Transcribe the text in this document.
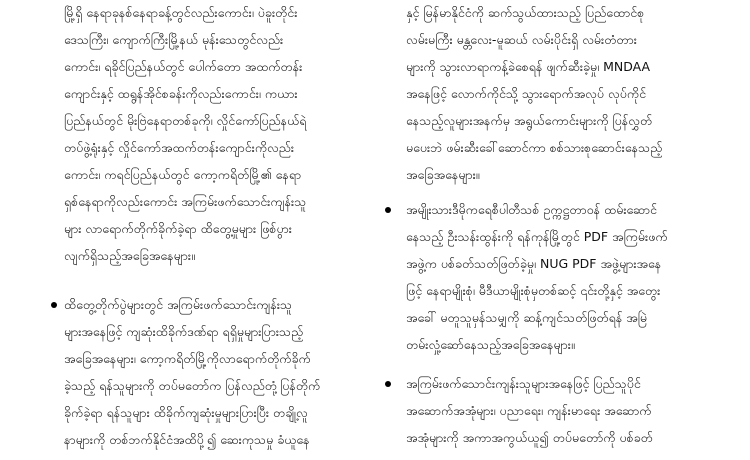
မြို့ရှိ နေရာခုနစ်နေရာခန့်တွင်လည်းကောင်း၊ ပဲခူးတိုင်း
ဒေသကြီး၊ ကျောက်ကြီးမြို့နယ် မုန်းသေတွင်လည်း
ကောင်း၊ ရခိုင်ပြည်နယ်တွင် ပေါက်တော အထက်တန်း
ကျောင်းနှင့် ထရွန်အိုင်စခန်းကိုလည်းကောင်း၊ ကယား
ပြည်နယ်တွင် မိုးဗြဲနေရာတစ်ခုကို၊ လှိုင်ကော်ပြည်နယ်ရဲ
တပ်ဖွဲ့ရုံးနှင့် လှိုင်ကော်အထက်တန်းကျောင်းကိုလည်း
ကောင်း၊ ကရင်ပြည်နယ်တွင် ကော့ကရိတ်မြို့၏ နေရာ
ရှစ်နေရာကိုလည်းကောင်း အကြမ်းဖက်သောင်းကျန်းသူ
များ လာရောက်တိုက်ခိုက်ခဲ့ရာ ထိတွေ့မှုများ ဖြစ်ပွား
လျက်ရှိသည့်အခြေအနေများ။
ထိတွေ့တိုက်ပွဲများတွင် အကြမ်းဖက်သောင်းကျန်းသူ
များအနေဖြင့် ကျဆုံးထိခိုက်ဒဏ်ရာ ရရှိမှုများပြားသည့်
အခြေအနေများ၊ ကော့ကရိတ်မြို့ကိုလာရောက်တိုက်ခိုက်
ခဲ့သည့် ရန်သူများကို တပ်မတော်က ပြန်လည်တုံ့ပြန်တိုက်
ခိုက်ခဲ့ရာ ရန်သူများ ထိခိုက်ကျဆုံးမှုများပြားပြီး တချို့လူ
နာများကို တစ်ဘက်နိုင်ငံအထိပို့၍ ဆေးကုသမှု ခံယူနေ
နှင့် မြန်မာနိုင်ငံကို ဆက်သွယ်ထားသည့် ပြည်ထောင်စု
လမ်းမကြီး မန္တလေး-မူဆယ် လမ်းပိုင်းရှိ လမ်းတံတား
များကို သွားလာရာကန့်ခဲစေရန် ဖျက်ဆီးခဲ့မှု၊ MNDAA
အနေဖြင့် လောက်ကိုင်သို့ သွားရောက်အလုပ် လုပ်ကိုင်
နေသည့်လူများအနက်မှ အရွယ်ကောင်းများကို ပြန်လွှတ်
မပေးဘဲ ဖမ်းဆီးခေါ်ဆောင်ကာ စစ်သားစုဆောင်းနေသည့်
အခြေအနေများ။
အမျိုးသားဒီမိုကရေစီပါတီသစ် ဥက္ကဋ္ဌတာဝန် ထမ်းဆောင်
နေသည့် ဦးသန်းထွန်းကို ရန်ကုန်မြို့တွင် PDF အကြမ်းဖက်
အဖွဲ့က ပစ်ခတ်သတ်ဖြတ်ခဲ့မှု၊ NUG PDF အဖွဲ့များအနေ
ဖြင့် နေရာမျိုးစုံ၊ မီဒီယာမျိုးစုံမှတစ်ဆင့် ၎င်းတို့နှင့် အတွေး
အခေါ် မတူသူမှန်သမျှကို ဆန့်ကျင်သတ်ဖြတ်ရန် အမြဲ
တမ်းလှုံ့ဆော်နေသည့်အခြေအနေများ။
အကြမ်းဖက်သောင်းကျန်းသူများအနေဖြင့် ပြည်သူပိုင်
အဆောက်အအုံများ၊ ပညာရေး၊ ကျန်းမာရေး အဆောက်
အအုံများကို အကာအကွယ်ယူ၍ တပ်မတော်ကို ပစ်ခတ်
